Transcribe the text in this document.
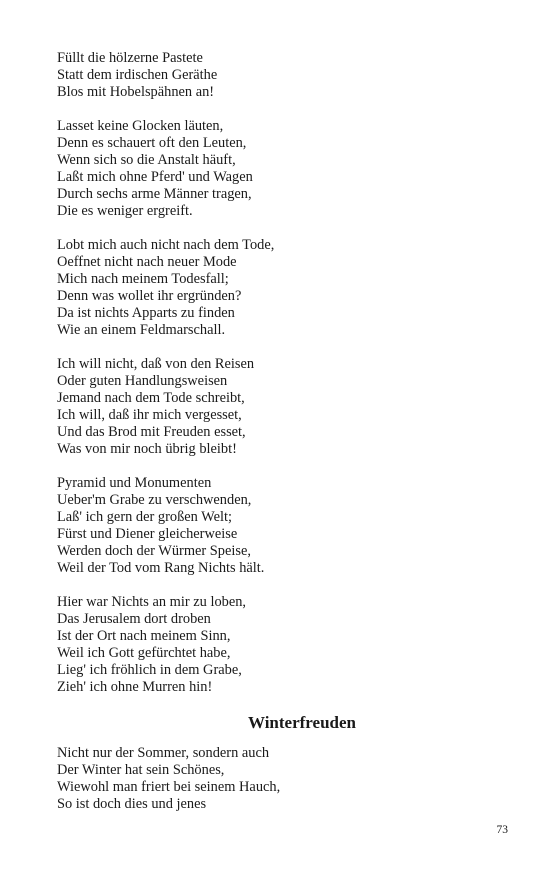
Füllt die hölzerne Pastete
Statt dem irdischen Geräthe
Blos mit Hobelspähnen an!
Lasset keine Glocken läuten,
Denn es schauert oft den Leuten,
Wenn sich so die Anstalt häuft,
Laßt mich ohne Pferd' und Wagen
Durch sechs arme Männer tragen,
Die es weniger ergreift.
Lobt mich auch nicht nach dem Tode,
Oeffnet nicht nach neuer Mode
Mich nach meinem Todesfall;
Denn was wollet ihr ergründen?
Da ist nichts Apparts zu finden
Wie an einem Feldmarschall.
Ich will nicht, daß von den Reisen
Oder guten Handlungsweisen
Jemand nach dem Tode schreibt,
Ich will, daß ihr mich vergesset,
Und das Brod mit Freuden esset,
Was von mir noch übrig bleibt!
Pyramid und Monumenten
Ueber'm Grabe zu verschwenden,
Laß' ich gern der großen Welt;
Fürst und Diener gleicherweise
Werden doch der Würmer Speise,
Weil der Tod vom Rang Nichts hält.
Hier war Nichts an mir zu loben,
Das Jerusalem dort droben
Ist der Ort nach meinem Sinn,
Weil ich Gott gefürchtet habe,
Lieg' ich fröhlich in dem Grabe,
Zieh' ich ohne Murren hin!
Winterfreuden
Nicht nur der Sommer, sondern auch
Der Winter hat sein Schönes,
Wiewohl man friert bei seinem Hauch,
So ist doch dies und jenes
73
